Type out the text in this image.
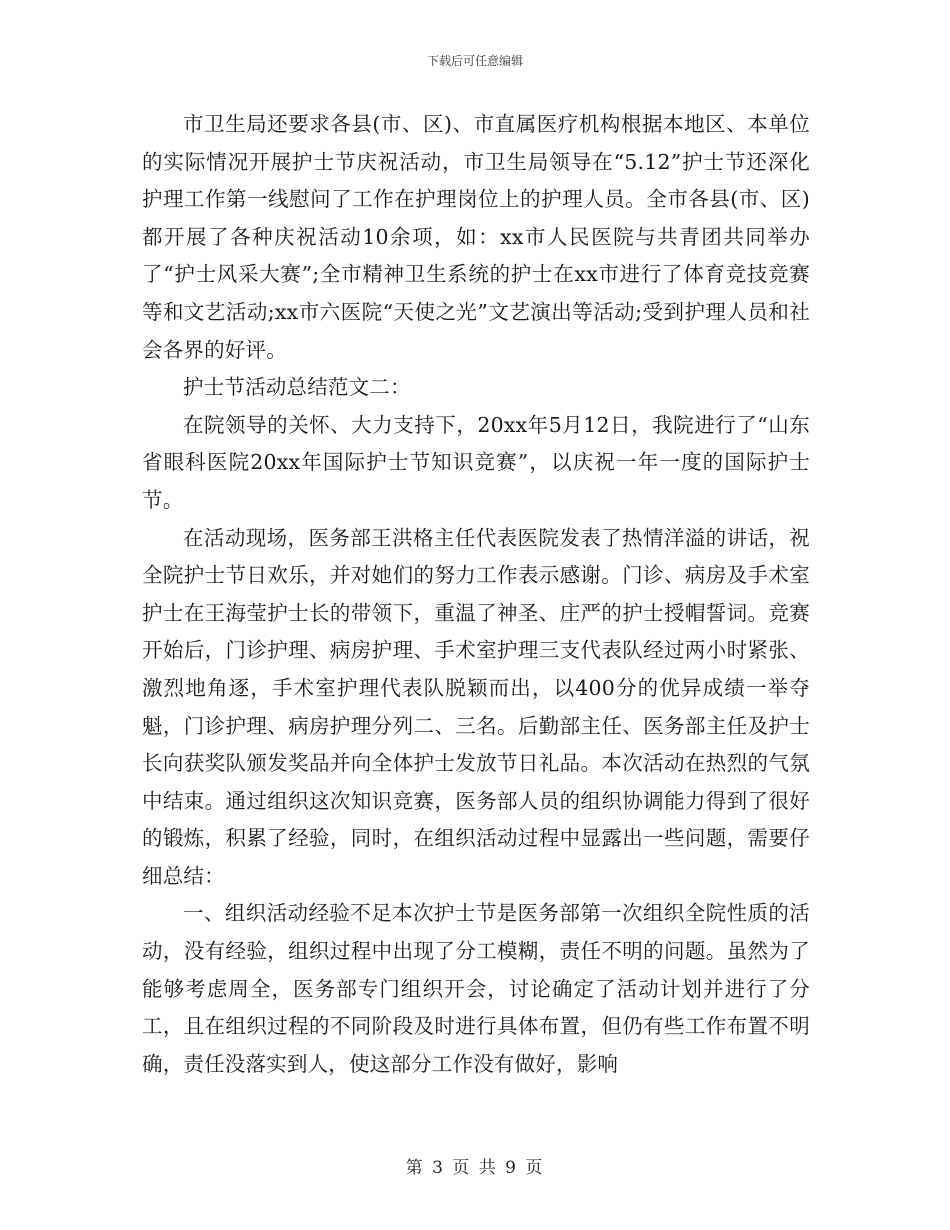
下载后可任意编辑

市卫生局还要求各县(市、区)、市直属医疗机构根据本地区、本单位的实际情况开展护士节庆祝活动，市卫生局领导在“5.12”护士节还深化护理工作第一线慰问了工作在护理岗位上的护理人员。全市各县(市、区)都开展了各种庆祝活动10余项，如：xx市人民医院与共青团共同举办了“护士风采大赛”;全市精神卫生系统的护士在xx市进行了体育竞技竞赛等和文艺活动;xx市六医院“天使之光”文艺演出等活动;受到护理人员和社会各界的好评。

护士节活动总结范文二：

在院领导的关怀、大力支持下，20xx年5月12日，我院进行了“山东省眼科医院20xx年国际护士节知识竞赛”，以庆祝一年一度的国际护士节。

在活动现场，医务部王洪格主任代表医院发表了热情洋溢的讲话，祝全院护士节日欢乐，并对她们的努力工作表示感谢。门诊、病房及手术室护士在王海莹护士长的带领下，重温了神圣、庄严的护士授帽誓词。竞赛开始后，门诊护理、病房护理、手术室护理三支代表队经过两小时紧张、激烈地角逐，手术室护理代表队脱颖而出，以400分的优异成绩一举夺魁，门诊护理、病房护理分列二、三名。后勤部主任、医务部主任及护士长向获奖队颁发奖品并向全体护士发放节日礼品。本次活动在热烈的气氛中结束。通过组织这次知识竞赛，医务部人员的组织协调能力得到了很好的锻炼，积累了经验，同时，在组织活动过程中显露出一些问题，需要仔细总结：

一、组织活动经验不足本次护士节是医务部第一次组织全院性质的活动，没有经验，组织过程中出现了分工模糊，责任不明的问题。虽然为了能够考虑周全，医务部专门组织开会，讨论确定了活动计划并进行了分工，且在组织过程的不同阶段及时进行具体布置，但仍有些工作布置不明确，责任没落实到人，使这部分工作没有做好，影响

第 3 页 共 9 页
